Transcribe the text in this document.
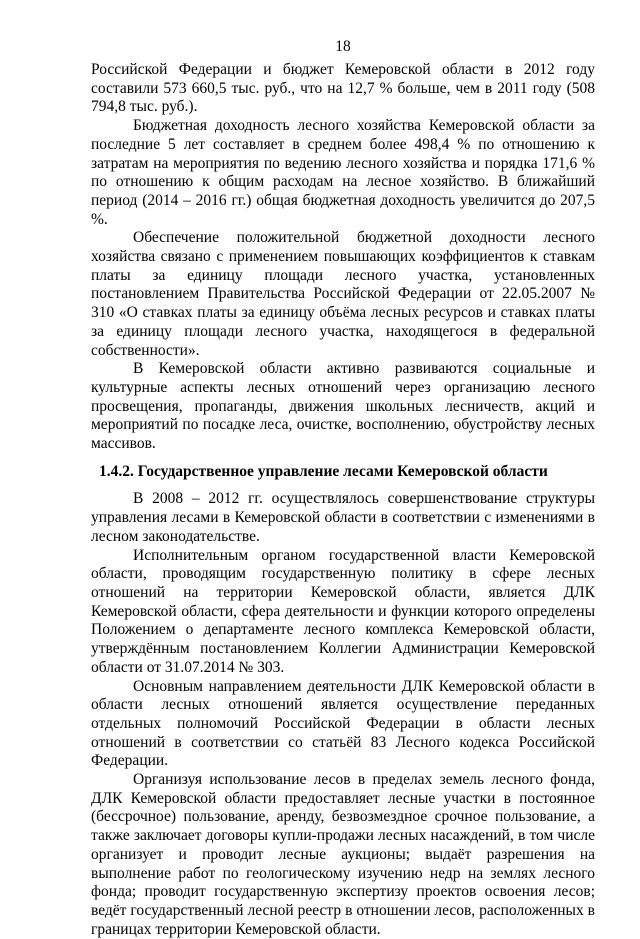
18

Российской Федерации и бюджет Кемеровской области в 2012 году составили 573 660,5 тыс. руб., что на 12,7 % больше, чем в 2011 году (508 794,8 тыс. руб.).

Бюджетная доходность лесного хозяйства Кемеровской области за последние 5 лет составляет в среднем более 498,4 % по отношению к затратам на мероприятия по ведению лесного хозяйства и порядка 171,6 % по отношению к общим расходам на лесное хозяйство. В ближайший период (2014 – 2016 гг.) общая бюджетная доходность увеличится до 207,5 %.

Обеспечение положительной бюджетной доходности лесного хозяйства связано с применением повышающих коэффициентов к ставкам платы за единицу площади лесного участка, установленных постановлением Правительства Российской Федерации от 22.05.2007 № 310 «О ставках платы за единицу объёма лесных ресурсов и ставках платы за единицу площади лесного участка, находящегося в федеральной собственности».

В Кемеровской области активно развиваются социальные и культурные аспекты лесных отношений через организацию лесного просвещения, пропаганды, движения школьных лесничеств, акций и мероприятий по посадке леса, очистке, восполнению, обустройству лесных массивов.

1.4.2. Государственное управление лесами Кемеровской области

В 2008 – 2012 гг. осуществлялось совершенствование структуры управления лесами в Кемеровской области в соответствии с изменениями в лесном законодательстве.

Исполнительным органом государственной власти Кемеровской области, проводящим государственную политику в сфере лесных отношений на территории Кемеровской области, является ДЛК Кемеровской области, сфера деятельности и функции которого определены Положением о департаменте лесного комплекса Кемеровской области, утверждённым постановлением Коллегии Администрации Кемеровской области от 31.07.2014 № 303.

Основным направлением деятельности ДЛК Кемеровской области в области лесных отношений является осуществление переданных отдельных полномочий Российской Федерации в области лесных отношений в соответствии со статьёй 83 Лесного кодекса Российской Федерации.

Организуя использование лесов в пределах земель лесного фонда, ДЛК Кемеровской области предоставляет лесные участки в постоянное (бессрочное) пользование, аренду, безвозмездное срочное пользование, а также заключает договоры купли-продажи лесных насаждений, в том числе организует и проводит лесные аукционы; выдаёт разрешения на выполнение работ по геологическому изучению недр на землях лесного фонда; проводит государственную экспертизу проектов освоения лесов; ведёт государственный лесной реестр в отношении лесов, расположенных в границах территории Кемеровской области.
